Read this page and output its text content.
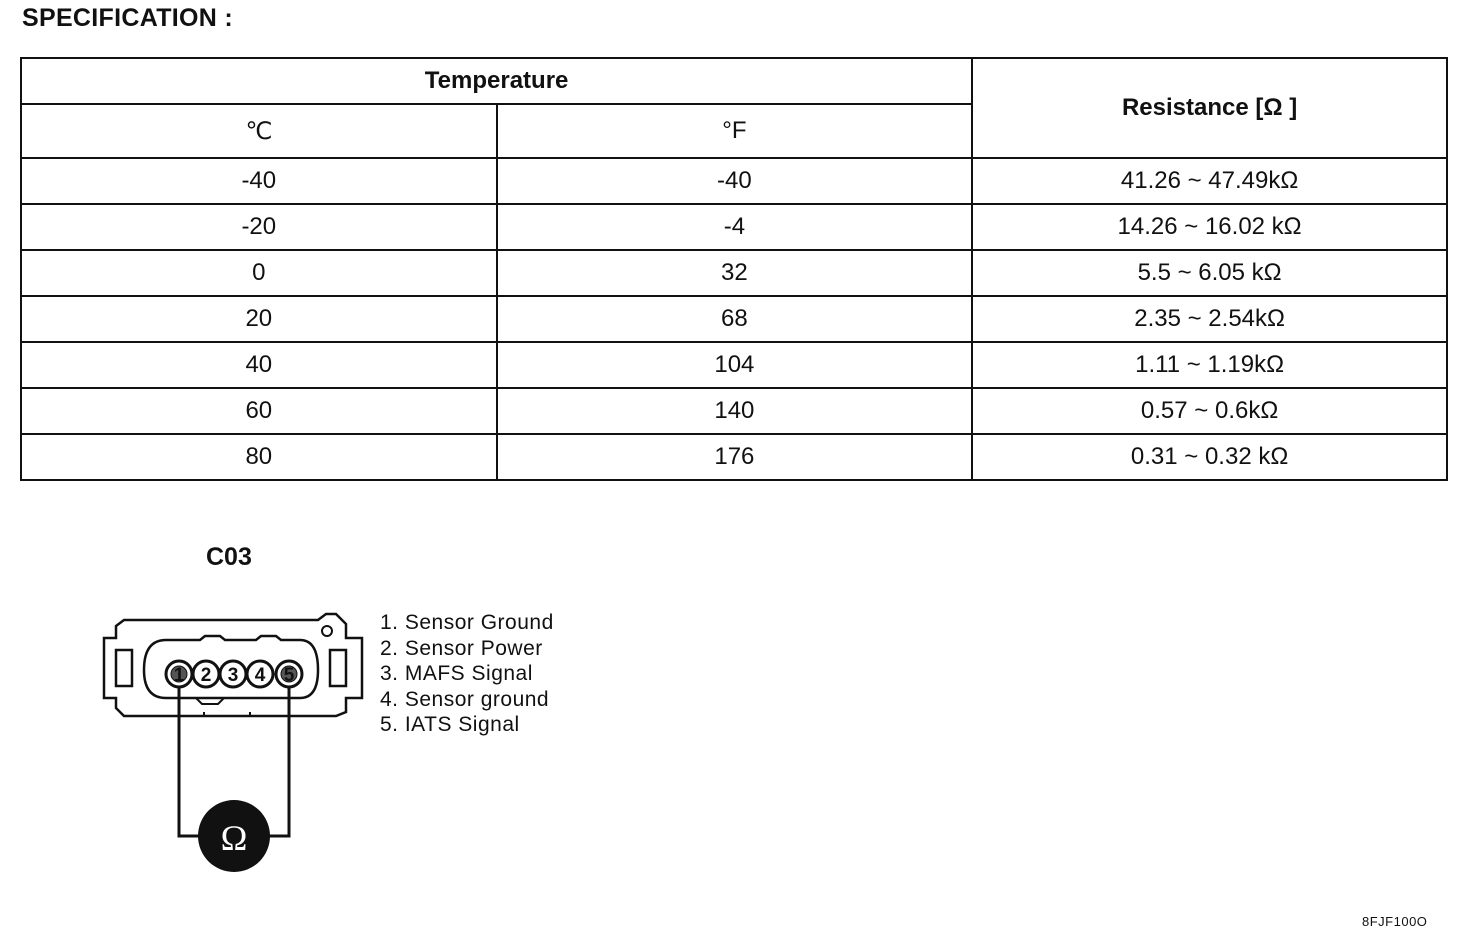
SPECIFICATION :
Temperature		Resistance [Ω ]
℃	°F	
-40	-40	41.26 ~ 47.49kΩ
-20	-4	14.26 ~ 16.02 kΩ
0	32	5.5 ~ 6.05 kΩ
20	68	2.35 ~ 2.54kΩ
40	104	1.11 ~ 1.19kΩ
60	140	0.57 ~ 0.6kΩ
80	176	0.31 ~ 0.32 kΩ
C03
1 2 3 4 5
Ω
1. Sensor Ground
2. Sensor Power
3. MAFS Signal
4. Sensor ground
5. IATS Signal
8FJF100O
